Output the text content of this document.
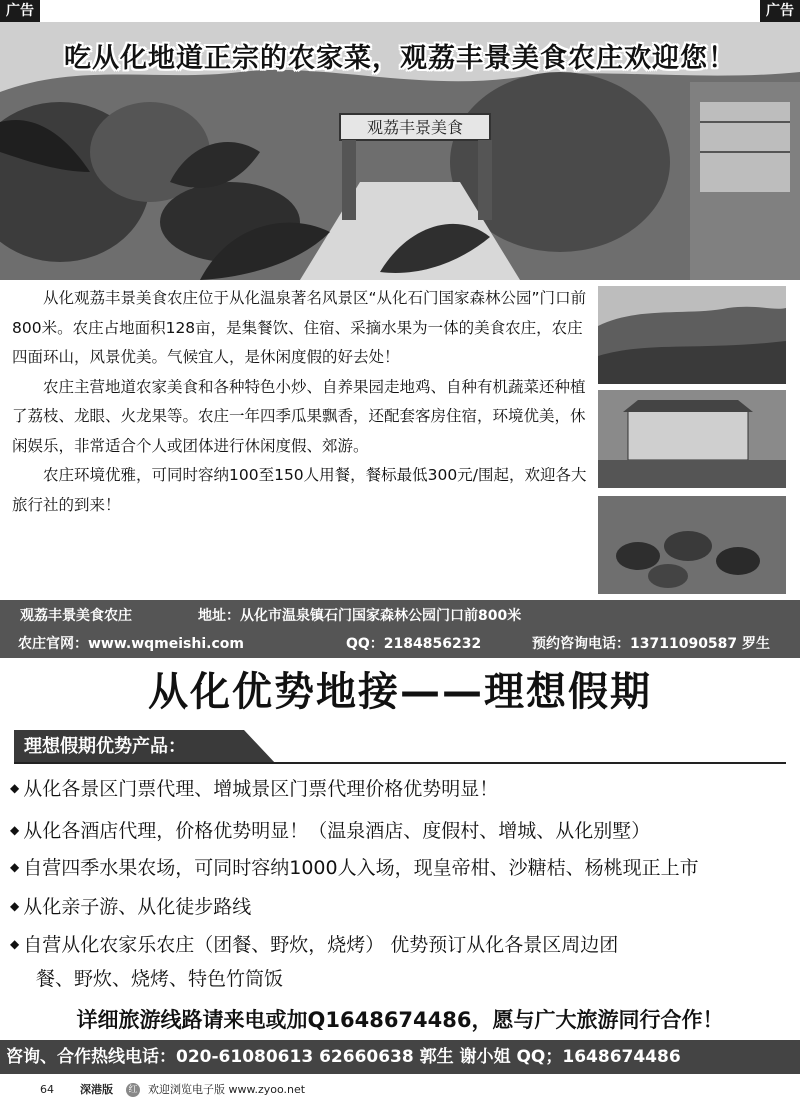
广告	广告
观荔丰景美食
吃从化地道正宗的农家菜，观荔丰景美食农庄欢迎您！

从化观荔丰景美食农庄位于从化温泉著名风景区“从化石门国家森林公园”门口前800米。农庄占地面积128亩，是集餐饮、住宿、采摘水果为一体的美食农庄，农庄四面环山，风景优美。气候宜人，是休闲度假的好去处！

农庄主营地道农家美食和各种特色小炒、自养果园走地鸡、自种有机蔬菜还种植了荔枝、龙眼、火龙果等。农庄一年四季瓜果飘香，还配套客房住宿，环境优美，休闲娱乐，非常适合个人或团体进行休闲度假、郊游。

农庄环境优雅，可同时容纳100至150人用餐，餐标最低300元/围起，欢迎各大旅行社的到来！

观荔丰景美食农庄	地址：从化市温泉镇石门国家森林公园门口前800米
农庄官网：www.wqmeishi.com	QQ：2184856232	预约咨询电话：13711090587 罗生
从化优势地接——理想假期
理想假期优势产品：
◆ 从化各景区门票代理、增城景区门票代理价格优势明显！
◆ 从化各酒店代理，价格优势明显！（温泉酒店、度假村、增城、从化别墅）
◆ 自营四季水果农场，可同时容纳1000人入场，现皇帝柑、沙糖桔、杨桃现正上市
◆ 从化亲子游、从化徒步路线
◆ 自营从化农家乐农庄（团餐、野炊，烧烤） 优势预订从化各景区周边团
餐、野炊、烧烤、特色竹筒饭
详细旅游线路请来电或加Q1648674486，愿与广大旅游同行合作！
咨询、合作热线电话：020-61080613 62660638 郭生 谢小姐 QQ；1648674486
64 深港版 红 欢迎浏览电子版 www.zyoo.net
